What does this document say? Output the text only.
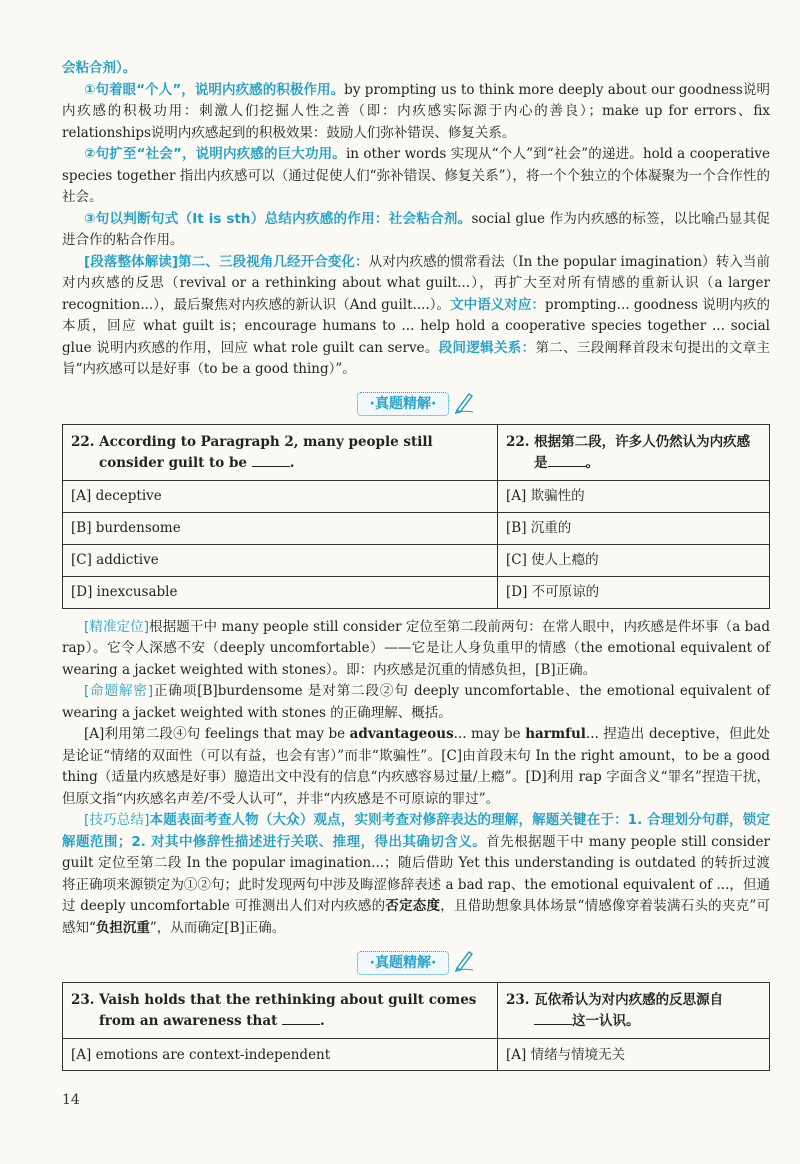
会粘合剂）。

①句着眼“个人”，说明内疚感的积极作用。by prompting us to think more deeply about our goodness说明内疚感的积极功用：刺激人们挖掘人性之善（即：内疚感实际源于内心的善良）；make up for errors、fix relationships说明内疚感起到的积极效果：鼓励人们弥补错误、修复关系。

②句扩至“社会”，说明内疚感的巨大功用。in other words 实现从“个人”到“社会”的递进。hold a cooperative species together 指出内疚感可以（通过促使人们“弥补错误、修复关系”），将一个个独立的个体凝聚为一个合作性的社会。

③句以判断句式（It is sth）总结内疚感的作用：社会粘合剂。social glue 作为内疚感的标签，以比喻凸显其促进合作的粘合作用。

[段落整体解读]第二、三段视角几经开合变化：从对内疚感的惯常看法（In the popular imagination）转入当前对内疚感的反思（revival or a rethinking about what guilt...），再扩大至对所有情感的重新认识（a larger recognition...），最后聚焦对内疚感的新认识（And guilt....）。文中语义对应：prompting... goodness 说明内疚的本质，回应 what guilt is；encourage humans to ... help hold a cooperative species together ... social glue 说明内疚感的作用，回应 what role guilt can serve。段间逻辑关系：第二、三段阐释首段末句提出的文章主旨“内疚感可以是好事（to be a good thing）”。

·真题精解·
22. According to Paragraph 2, many people still consider guilt to be .	22. 根据第二段，许多人仍然认为内疚感是 。

[A] deceptive	[A] 欺骗性的
[B] burdensome	[B] 沉重的
[C] addictive	[C] 使人上瘾的
[D] inexcusable	[D] 不可原谅的

[精准定位]根据题干中 many people still consider 定位至第二段前两句：在常人眼中，内疚感是件坏事（a bad rap）。它令人深感不安（deeply uncomfortable）——它是让人身负重甲的情感（the emotional equivalent of wearing a jacket weighted with stones）。即：内疚感是沉重的情感负担，[B]正确。

[命题解密]正确项[B]burdensome 是对第二段②句 deeply uncomfortable、the emotional equivalent of wearing a jacket weighted with stones 的正确理解、概括。

[A]利用第二段④句 feelings that may be advantageous... may be harmful... 捏造出 deceptive，但此处是论证“情绪的双面性（可以有益，也会有害）”而非“欺骗性”。[C]由首段末句 In the right amount，to be a good thing（适量内疚感是好事）臆造出文中没有的信息“内疚感容易过量/上瘾”。[D]利用 rap 字面含义“罪名”捏造干扰，但原文指“内疚感名声差/不受人认可”，并非“内疚感是不可原谅的罪过”。

[技巧总结]本题表面考查人物（大众）观点，实则考查对修辞表达的理解，解题关键在于：1. 合理划分句群，锁定解题范围；2. 对其中修辞性描述进行关联、推理，得出其确切含义。首先根据题干中 many people still consider guilt 定位至第二段 In the popular imagination...；随后借助 Yet this understanding is outdated 的转折过渡将正确项来源锁定为①②句；此时发现两句中涉及晦涩修辞表述 a bad rap、the emotional equivalent of ...，但通过 deeply uncomfortable 可推测出人们对内疚感的否定态度，且借助想象具体场景“情感像穿着装满石头的夹克”可感知“负担沉重”，从而确定[B]正确。

·真题精解·
23. Vaish holds that the rethinking about guilt comes from an awareness that .	23. 瓦依希认为对内疚感的反思源自这一认识。

[A] emotions are context-independent	[A] 情绪与情境无关
14
